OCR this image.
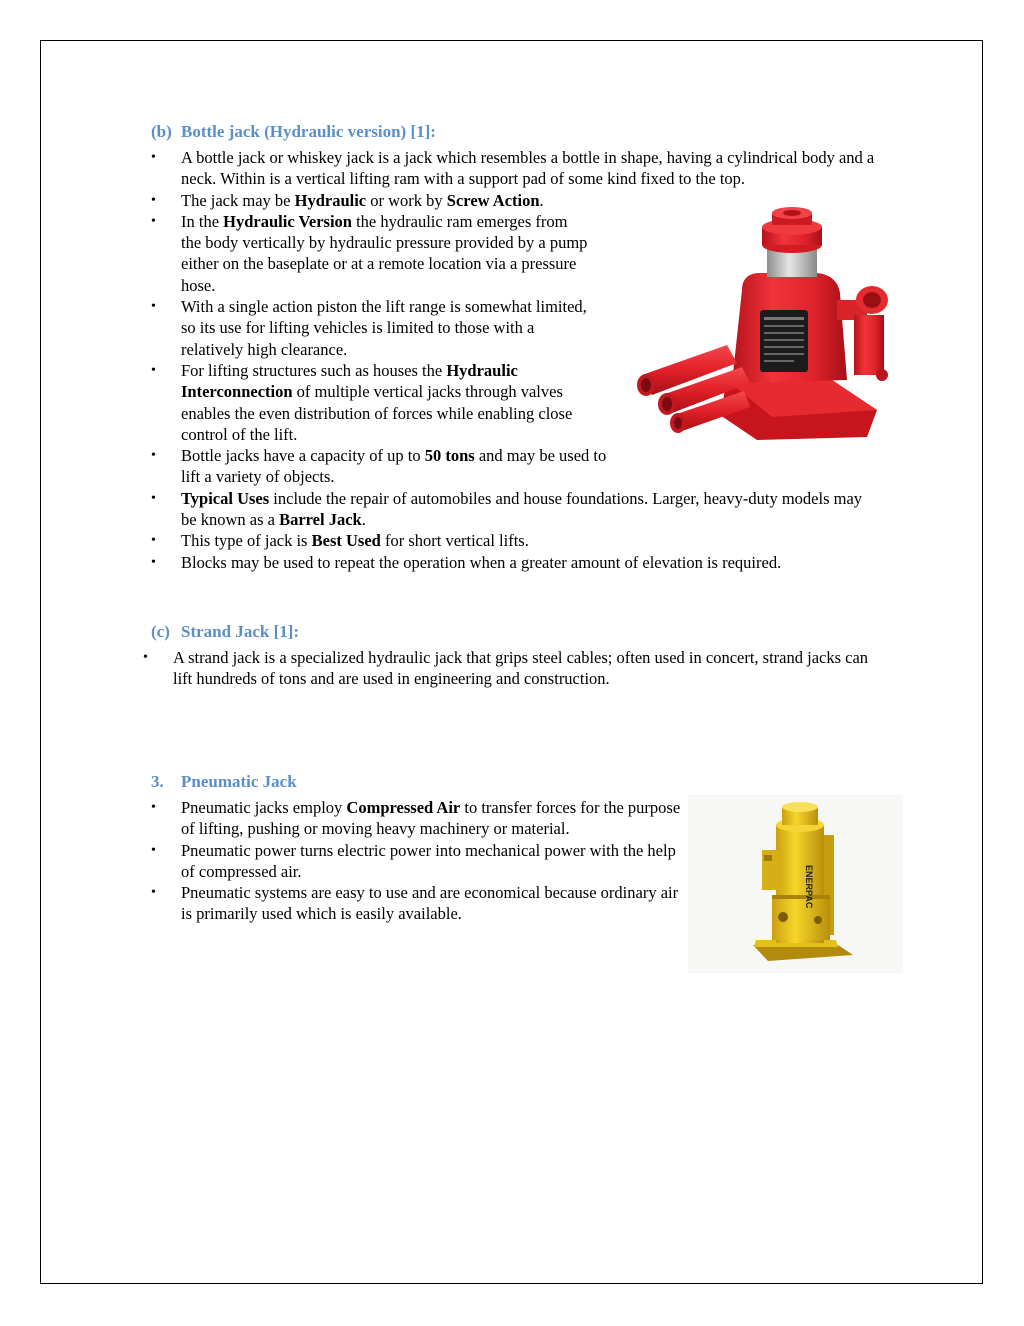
(b) Bottle jack (Hydraulic version) [1]:
• A bottle jack or whiskey jack is a jack which resembles a bottle in shape, having a cylindrical body and a neck. Within is a vertical lifting ram with a support pad of some kind fixed to the top.
• The jack may be Hydraulic or work by Screw Action.
• In the Hydraulic Version the hydraulic ram emerges from the body vertically by hydraulic pressure provided by a pump either on the baseplate or at a remote location via a pressure hose.
• With a single action piston the lift range is somewhat limited, so its use for lifting vehicles is limited to those with a relatively high clearance.
• For lifting structures such as houses the Hydraulic Interconnection of multiple vertical jacks through valves enables the even distribution of forces while enabling close control of the lift.
• Bottle jacks have a capacity of up to 50 tons and may be used to lift a variety of objects.
• Typical Uses include the repair of automobiles and house foundations. Larger, heavy-duty models may be known as a Barrel Jack.
• This type of jack is Best Used for short vertical lifts.
• Blocks may be used to repeat the operation when a greater amount of elevation is required.
(c) Strand Jack [1]:
• A strand jack is a specialized hydraulic jack that grips steel cables; often used in concert, strand jacks can lift hundreds of tons and are used in engineering and construction.
3. Pneumatic Jack
• Pneumatic jacks employ Compressed Air to transfer forces for the purpose of lifting, pushing or moving heavy machinery or material.
• Pneumatic power turns electric power into mechanical power with the help of compressed air.
• Pneumatic systems are easy to use and are economical because ordinary air is primarily used which is easily available.
ENERPAC
